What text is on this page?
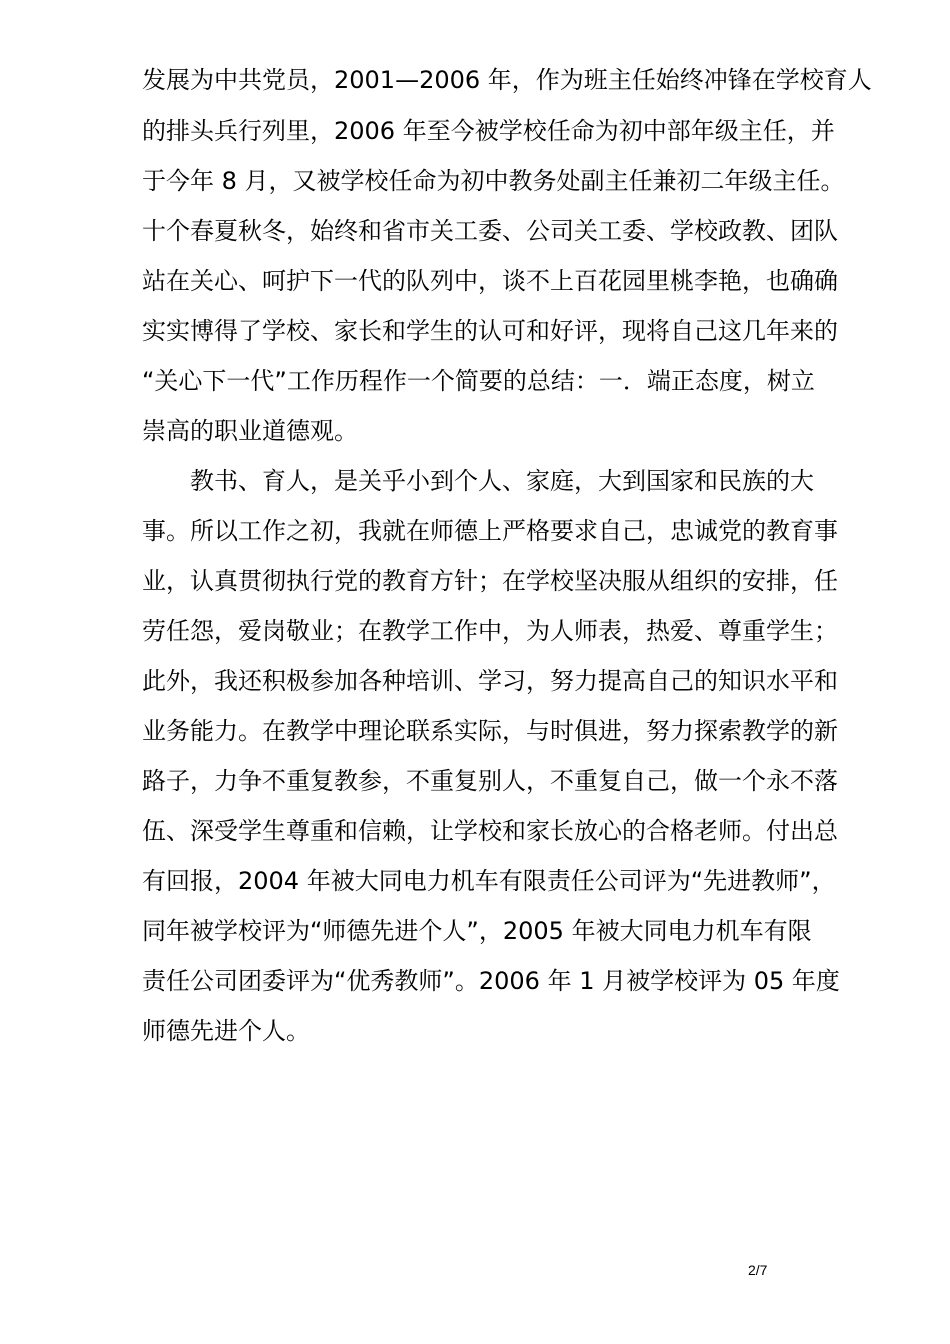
发展为中共党员，2001—2006 年，作为班主任始终冲锋在学校育人
的排头兵行列里，2006 年至今被学校任命为初中部年级主任，并
于今年 8 月，又被学校任命为初中教务处副主任兼初二年级主任。
十个春夏秋冬，始终和省市关工委、公司关工委、学校政教、团队
站在关心、呵护下一代的队列中，谈不上百花园里桃李艳，也确确
实实博得了学校、家长和学生的认可和好评，现将自己这几年来的
“关心下一代”工作历程作一个简要的总结：一．端正态度，树立
崇高的职业道德观。
教书、育人，是关乎小到个人、家庭，大到国家和民族的大
事。所以工作之初，我就在师德上严格要求自己，忠诚党的教育事
业，认真贯彻执行党的教育方针；在学校坚决服从组织的安排，任
劳任怨，爱岗敬业；在教学工作中，为人师表，热爱、尊重学生；
此外，我还积极参加各种培训、学习，努力提高自己的知识水平和
业务能力。在教学中理论联系实际，与时俱进，努力探索教学的新
路子，力争不重复教参，不重复别人，不重复自己，做一个永不落
伍、深受学生尊重和信赖，让学校和家长放心的合格老师。付出总
有回报，2004 年被大同电力机车有限责任公司评为“先进教师”，
同年被学校评为“师德先进个人”，2005 年被大同电力机车有限
责任公司团委评为“优秀教师”。2006 年 1 月被学校评为 05 年度
师德先进个人。
2/7
